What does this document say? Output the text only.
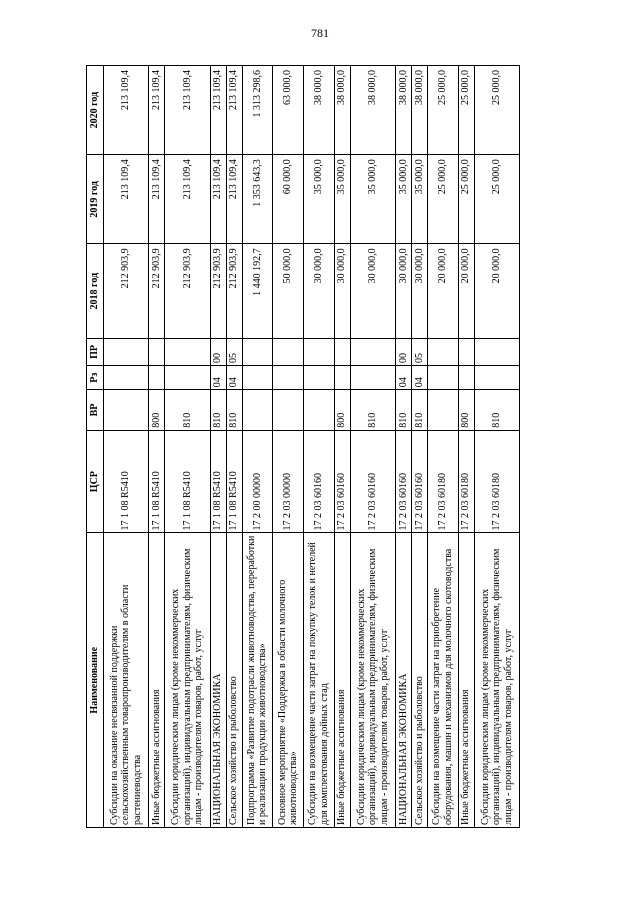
781
Наименование	ЦСР	ВР	Рз	ПР	2018 год	2019 год	2020 год
Субсидии на оказание несвязанной поддержки сельскохозяйственным товаропроизводителям в области растениеводства	17 1 08 R5410				212 903,9	213 109,4	213 109,4
Иные бюджетные ассигнования	17 1 08 R5410	800			212 903,9	213 109,4	213 109,4
Субсидии юридическим лицам (кроме некоммерческих организаций), индивидуальным предпринимателям, физическим лицам - производителям товаров, работ, услуг	17 1 08 R5410	810			212 903,9	213 109,4	213 109,4
НАЦИОНАЛЬНАЯ ЭКОНОМИКА	17 1 08 R5410	810	04	00	212 903,9	213 109,4	213 109,4
Сельское хозяйство и рыболовство	17 1 08 R5410	810	04	05	212 903,9	213 109,4	213 109,4
Подпрограмма «Развитие подотрасли животноводства, переработки и реализации продукции животноводства»	17 2 00 00000				1 440 192,7	1 353 643,3	1 313 298,6
Основное мероприятие «Поддержка в области молочного животноводства»	17 2 03 00000				50 000,0	60 000,0	63 000,0
Субсидии на возмещение части затрат на покупку телок и нетелей для комплектования дойных стад	17 2 03 60160				30 000,0	35 000,0	38 000,0
Иные бюджетные ассигнования	17 2 03 60160	800			30 000,0	35 000,0	38 000,0
Субсидии юридическим лицам (кроме некоммерческих организаций), индивидуальным предпринимателям, физическим лицам - производителям товаров, работ, услуг	17 2 03 60160	810			30 000,0	35 000,0	38 000,0
НАЦИОНАЛЬНАЯ ЭКОНОМИКА	17 2 03 60160	810	04	00	30 000,0	35 000,0	38 000,0
Сельское хозяйство и рыболовство	17 2 03 60160	810	04	05	30 000,0	35 000,0	38 000,0
Субсидии на возмещение части затрат на приобретение оборудования, машин и механизмов для молочного скотоводства	17 2 03 60180				20 000,0	25 000,0	25 000,0
Иные бюджетные ассигнования	17 2 03 60180	800			20 000,0	25 000,0	25 000,0
Субсидии юридическим лицам (кроме некоммерческих организаций), индивидуальным предпринимателям, физическим лицам - производителям товаров, работ, услуг	17 2 03 60180	810			20 000,0	25 000,0	25 000,0
